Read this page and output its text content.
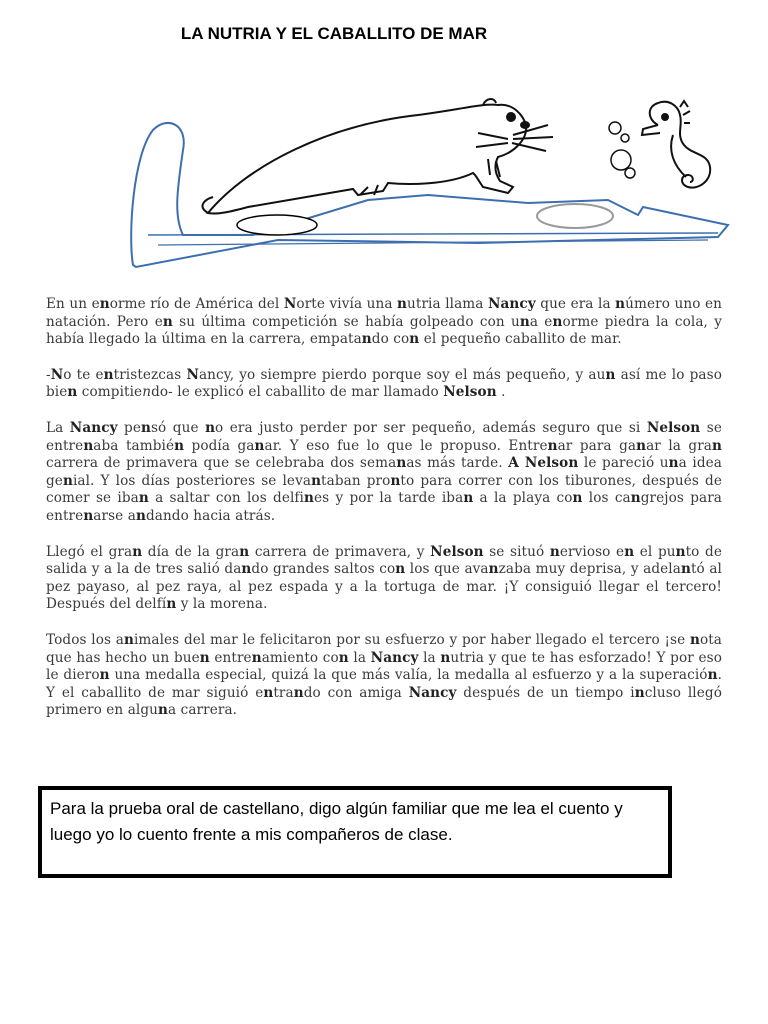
LA NUTRIA Y EL CABALLITO DE MAR

En un enorme río de América del Norte vivía una nutria llama Nancy que era la número uno en natación. Pero en su última competición se había golpeado con una enorme piedra la cola, y había llegado la última en la carrera, empatando con el pequeño caballito de mar.

-No te entristezcas Nancy, yo siempre pierdo porque soy el más pequeño, y aun así me lo paso bien compitiendo- le explicó el caballito de mar llamado Nelson .

La Nancy pensó que no era justo perder por ser pequeño, además seguro que si Nelson se entrenaba también podía ganar. Y eso fue lo que le propuso. Entrenar para ganar la gran carrera de primavera que se celebraba dos semanas más tarde. A Nelson le pareció una idea genial. Y los días posteriores se levantaban pronto para correr con los tiburones, después de comer se iban a saltar con los delfines y por la tarde iban a la playa con los cangrejos para entrenarse andando hacia atrás.

Llegó el gran día de la gran carrera de primavera, y Nelson se situó nervioso en el punto de salida y a la de tres salió dando grandes saltos con los que avanzaba muy deprisa, y adelantó al pez payaso, al pez raya, al pez espada y a la tortuga de mar. ¡Y consiguió llegar el tercero! Después del delfín y la morena.

Todos los animales del mar le felicitaron por su esfuerzo y por haber llegado el tercero ¡se nota que has hecho un buen entrenamiento con la Nancy la nutria y que te has esforzado! Y por eso le dieron una medalla especial, quizá la que más valía, la medalla al esfuerzo y a la superación. Y el caballito de mar siguió entrando con amiga Nancy después de un tiempo incluso llegó primero en alguna carrera.

Para la prueba oral de castellano, digo algún familiar que me lea el cuento y luego yo lo cuento frente a mis compañeros de clase.
